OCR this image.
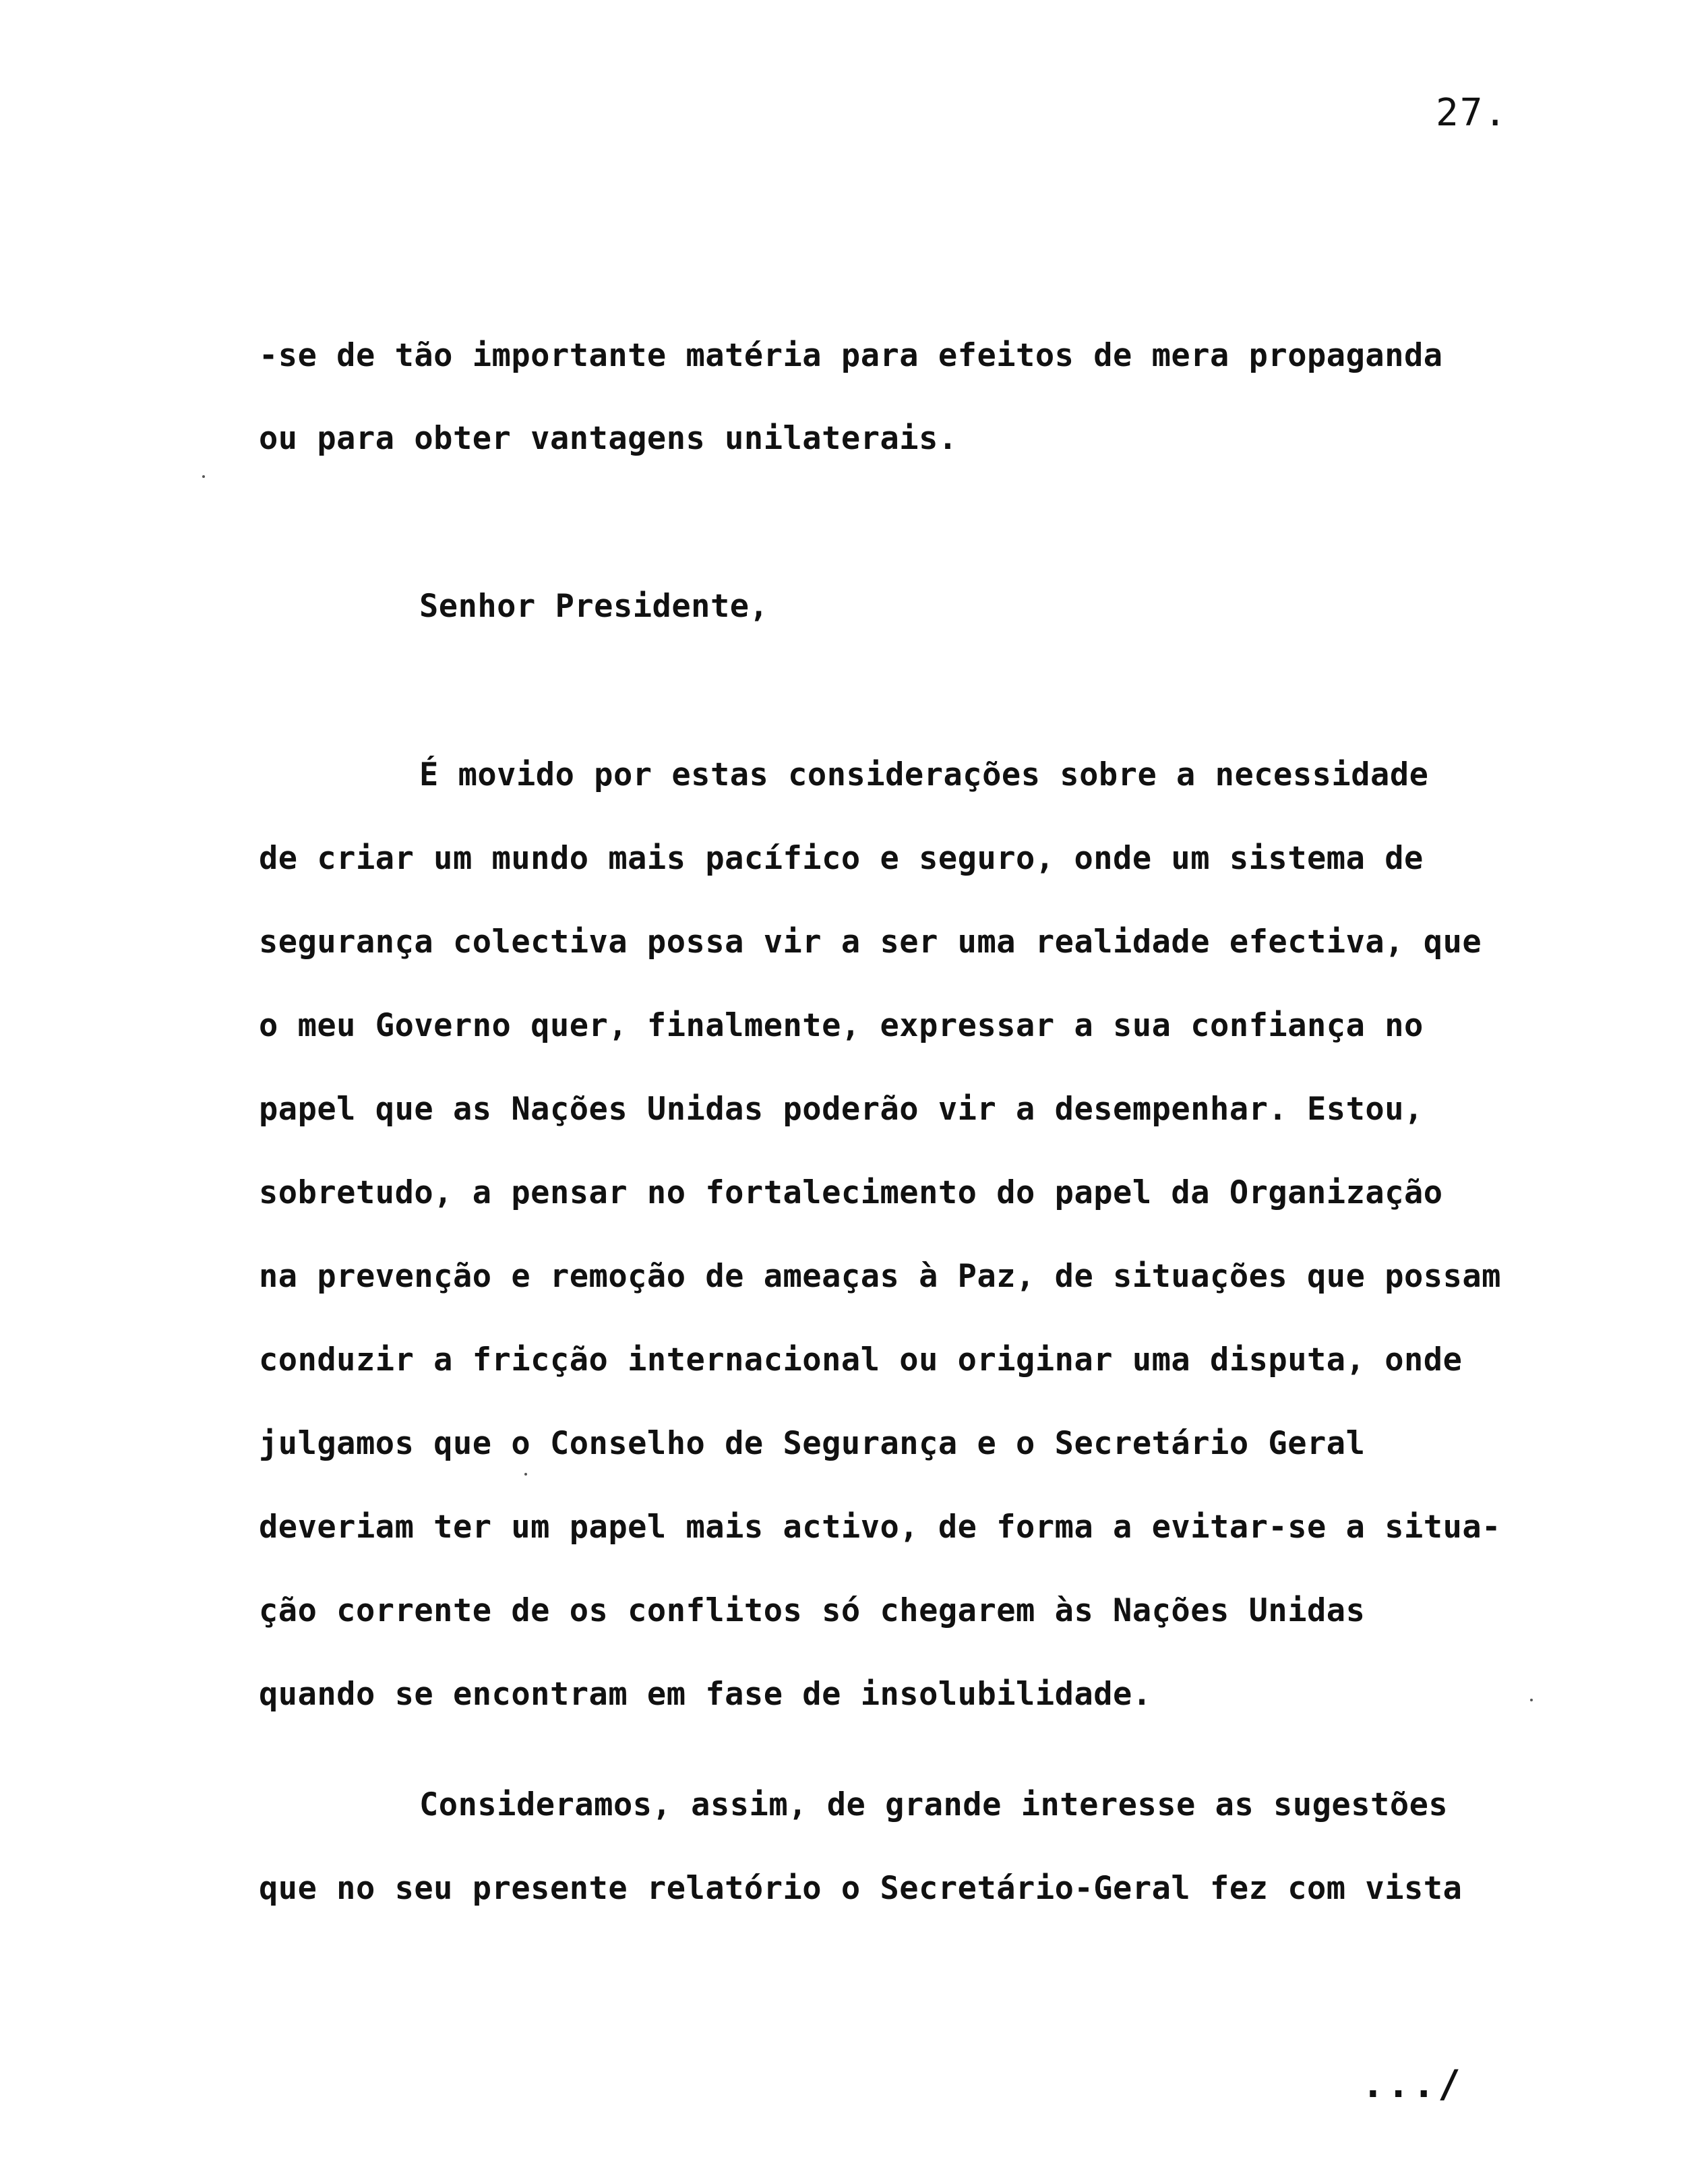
27.
-se de tão importante matéria para efeitos de mera propaganda
ou para obter vantagens unilaterais.
Senhor Presidente,
É movido por estas considerações sobre a necessidade
de criar um mundo mais pacífico e seguro, onde um sistema de
segurança colectiva possa vir a ser uma realidade efectiva, que
o meu Governo quer, finalmente, expressar a sua confiança no
papel que as Nações Unidas poderão vir a desempenhar. Estou,
sobretudo, a pensar no fortalecimento do papel da Organização
na prevenção e remoção de ameaças à Paz, de situações que possam
conduzir a fricção internacional ou originar uma disputa, onde
julgamos que o Conselho de Segurança e o Secretário Geral
deveriam ter um papel mais activo, de forma a evitar-se a situa-
ção corrente de os conflitos só chegarem às Nações Unidas
quando se encontram em fase de insolubilidade.
Consideramos, assim, de grande interesse as sugestões
que no seu presente relatório o Secretário-Geral fez com vista
.../
